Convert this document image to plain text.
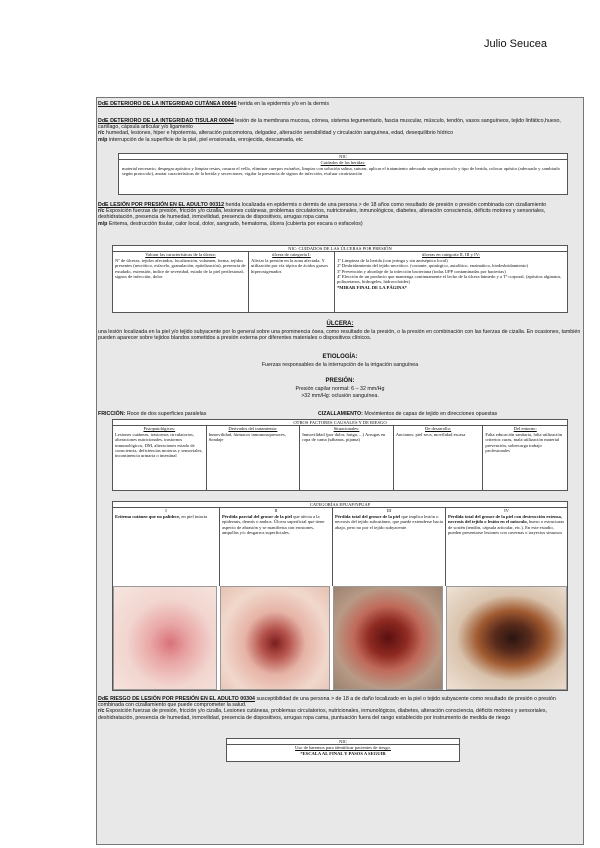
Julio Seucea
DdE DETERIORO DE LA INTEGRIDAD CUTÁNEA 00046 herida en la epidermis y/o en la dermis
DdE DETERIORO DE LA INTEGRIDAD TISULAR 00044 lesión de la membrana mucosa, córnea, sistema tegumentario, fascia muscular, músculo, tendón, vasos sanguíneos, tejido linfático,hueso, cartílago, cápsula articular y/o ligamento
r/c humedad, lesiones, hiper e hipotermia, alteración psicomotora, delgadez, alteración sensibilidad y circulación sanguínea, edad, desequilibrio hídrico
m/p interrupción de la superficie de la piel, piel erosionada, enrojecida, descamada, etc
NIC
Cuidados de las heridas:
material necesario, despegar apósitos y limpiar restos, rasurar el vello, eliminar cuerpos extraños, limpiar con solución salina, suturar, aplicar el tratamiento adecuado según protocolo y tipo de herida, colocar apósito (adecuado y cambiarlo según protocolo), anotar características de la herida y secreciones, vigilar la presencia de signos de infección, evaluar cicatrización
DdE LESIÓN POR PRESIÓN EN EL ADULTO 00312 herida localizada en epidermis o dermis de una persona > de 18 años como resultado de presión o presión combinada con cizallamiento
r/c Exposición fuerzas de presión, fricción y/o cizalla, lesiones cutáneas, problemas circulatorios, nutricionales, inmunológicos, diabetes, alteración consciencia, déficits motores y sensoriales, deshidratación, presencia de humedad, inmovilidad, presencia de dispositivos, arrugas ropa cama
m/p Eritema, destrucción tisular, calor local, dolor, sangrado, hematoma, úlcera (cubierta por escara o esfacelos)
NIC: CUIDADOS DE LAS ÚLCERAS POR PRESIÓN
Valorar las características de la úlcera:
Nº de úlceras, tejidos afectados, localización, volumen, forma, tejidos presentes (necrótico, esfacelo, granulación, epitelización), presencia de exudado, extensión, índice de severidad, estado de la piel perilesional, signos de infección, dolor
úlcera de categoría I:
Aliviar la presión en la zona afectada. Y utilización por vía tópica de ácidos grasos hiperoxigenados
úlceras en categoría II, III y IV:
1º Limpieza de la herida (con jeringa y sin antiséptico local)
2º Desbridamiento del tejido necrótico. (cortante, quirúrgico, autolítico, enzimático, biodesbridamiento)
3º Prevención y abordaje de la infección bacteriana (todas UPP contaminadas por bacterias)
4º Elección de un producto que mantenga continuamente el lecho de la úlcera húmedo y a Tª corporal. (apósitos alginatos, poliuretanos, hidrogeles, hidrocoloides)
*MIRAR FINAL DE LA PÁGINA*
ÚLCERA:
una lesión localizada en la piel y/o tejido subyacente por lo general sobre una prominencia ósea, como resultado de la presión, o la presión en combinación con las fuerzas de cizalla. En ocasiones, también pueden aparecer sobre tejidos blandos sometidos a presión externa por diferentes materiales o dispositivos clínicos.
ETIOLOGÍA:
Fuerzas responsables de la interrupción de la irrigación sanguínea
PRESIÓN:
Presión capilar normal: 6 – 32 mm/Hg
>32 mm/Hg: oclusión sanguínea.
FRICCIÓN: Roce de dos superficies paralelas	CIZALLAMIENTO: Movimientos de capas de tejido en direcciones opuestas
OTROS FACTORES CAUSALES Y DE RIESGO
Fisiopatológicos:
Lesiones cutáneas, trastornos circulatorios, alteraciones nutricionales, trastornos inmunológicos, DM, alteraciones estado de consciencia, deficiencias motoras y sensoriales, incontinencia urinaria o intestinal
Derivados del tratamiento:
Inmovilidad, fármacos inmunosupresores, Sondaje
Situacionales:
Inmovilidad (por dolor, fatiga, ...) Arrugas en ropa de cama (sábanas, pijama)
De desarrollo:
Ancianos: piel seca, movilidad escasa
Del entorno:
Falta educación sanitaria, falta utilización criterios curas, mala utilización material prevención, sobrecarga trabajo profesionales
CATEGORÍAS EPUAP/NPUAP
I
Eritema cutáneo que no palidece, en piel intacta
II
Pérdida parcial del grosor de la piel que afecta a la epidermis, dermis o ambos. Úlcera superficial que tiene aspecto de abrasión y se manifiesta con erosiones, ampollas y/o desgarros superficiales.
III
Pérdida total del grosor de la piel que implica lesión o necrosis del tejido subcutáneo, que puede extenderse hacia abajo, pero no por el tejido subyacente.
IV
Pérdida total del grosor de la piel con destrucción extensa, necrosis del tejido o lesión en el músculo, hueso o estructuras de sostén (tendón, cápsula articular, etc.). En este estadio, pueden presentarse lesiones con cavernas o trayectos sinuosos
DdE RIESGO DE LESIÓN POR PRESIÓN EN EL ADULTO 00304 susceptibilidad de una persona > de 18 a de daño localizado en la piel o tejido subyacente como resultado de presión o presión combinada con cizallamiento que puede comprometer la salud.
r/c Exposición fuerzas de presión, fricción y/o cizalla, Lesiones cutáneas, problemas circulatorios, nutricionales, inmunológicos, diabetes, alteración consciencia, déficits motores y sensoriales, deshidratación, presencia de humedad, inmovilidad, presencia de dispositivos, arrugas ropa cama, puntuación fuera del rango establecido por instrumento de medida de riesgo
NIC
Uso de baremos para identificar pacientes de riesgo.
*ESCALA AL FINAL Y PASOS A SEGUIR
